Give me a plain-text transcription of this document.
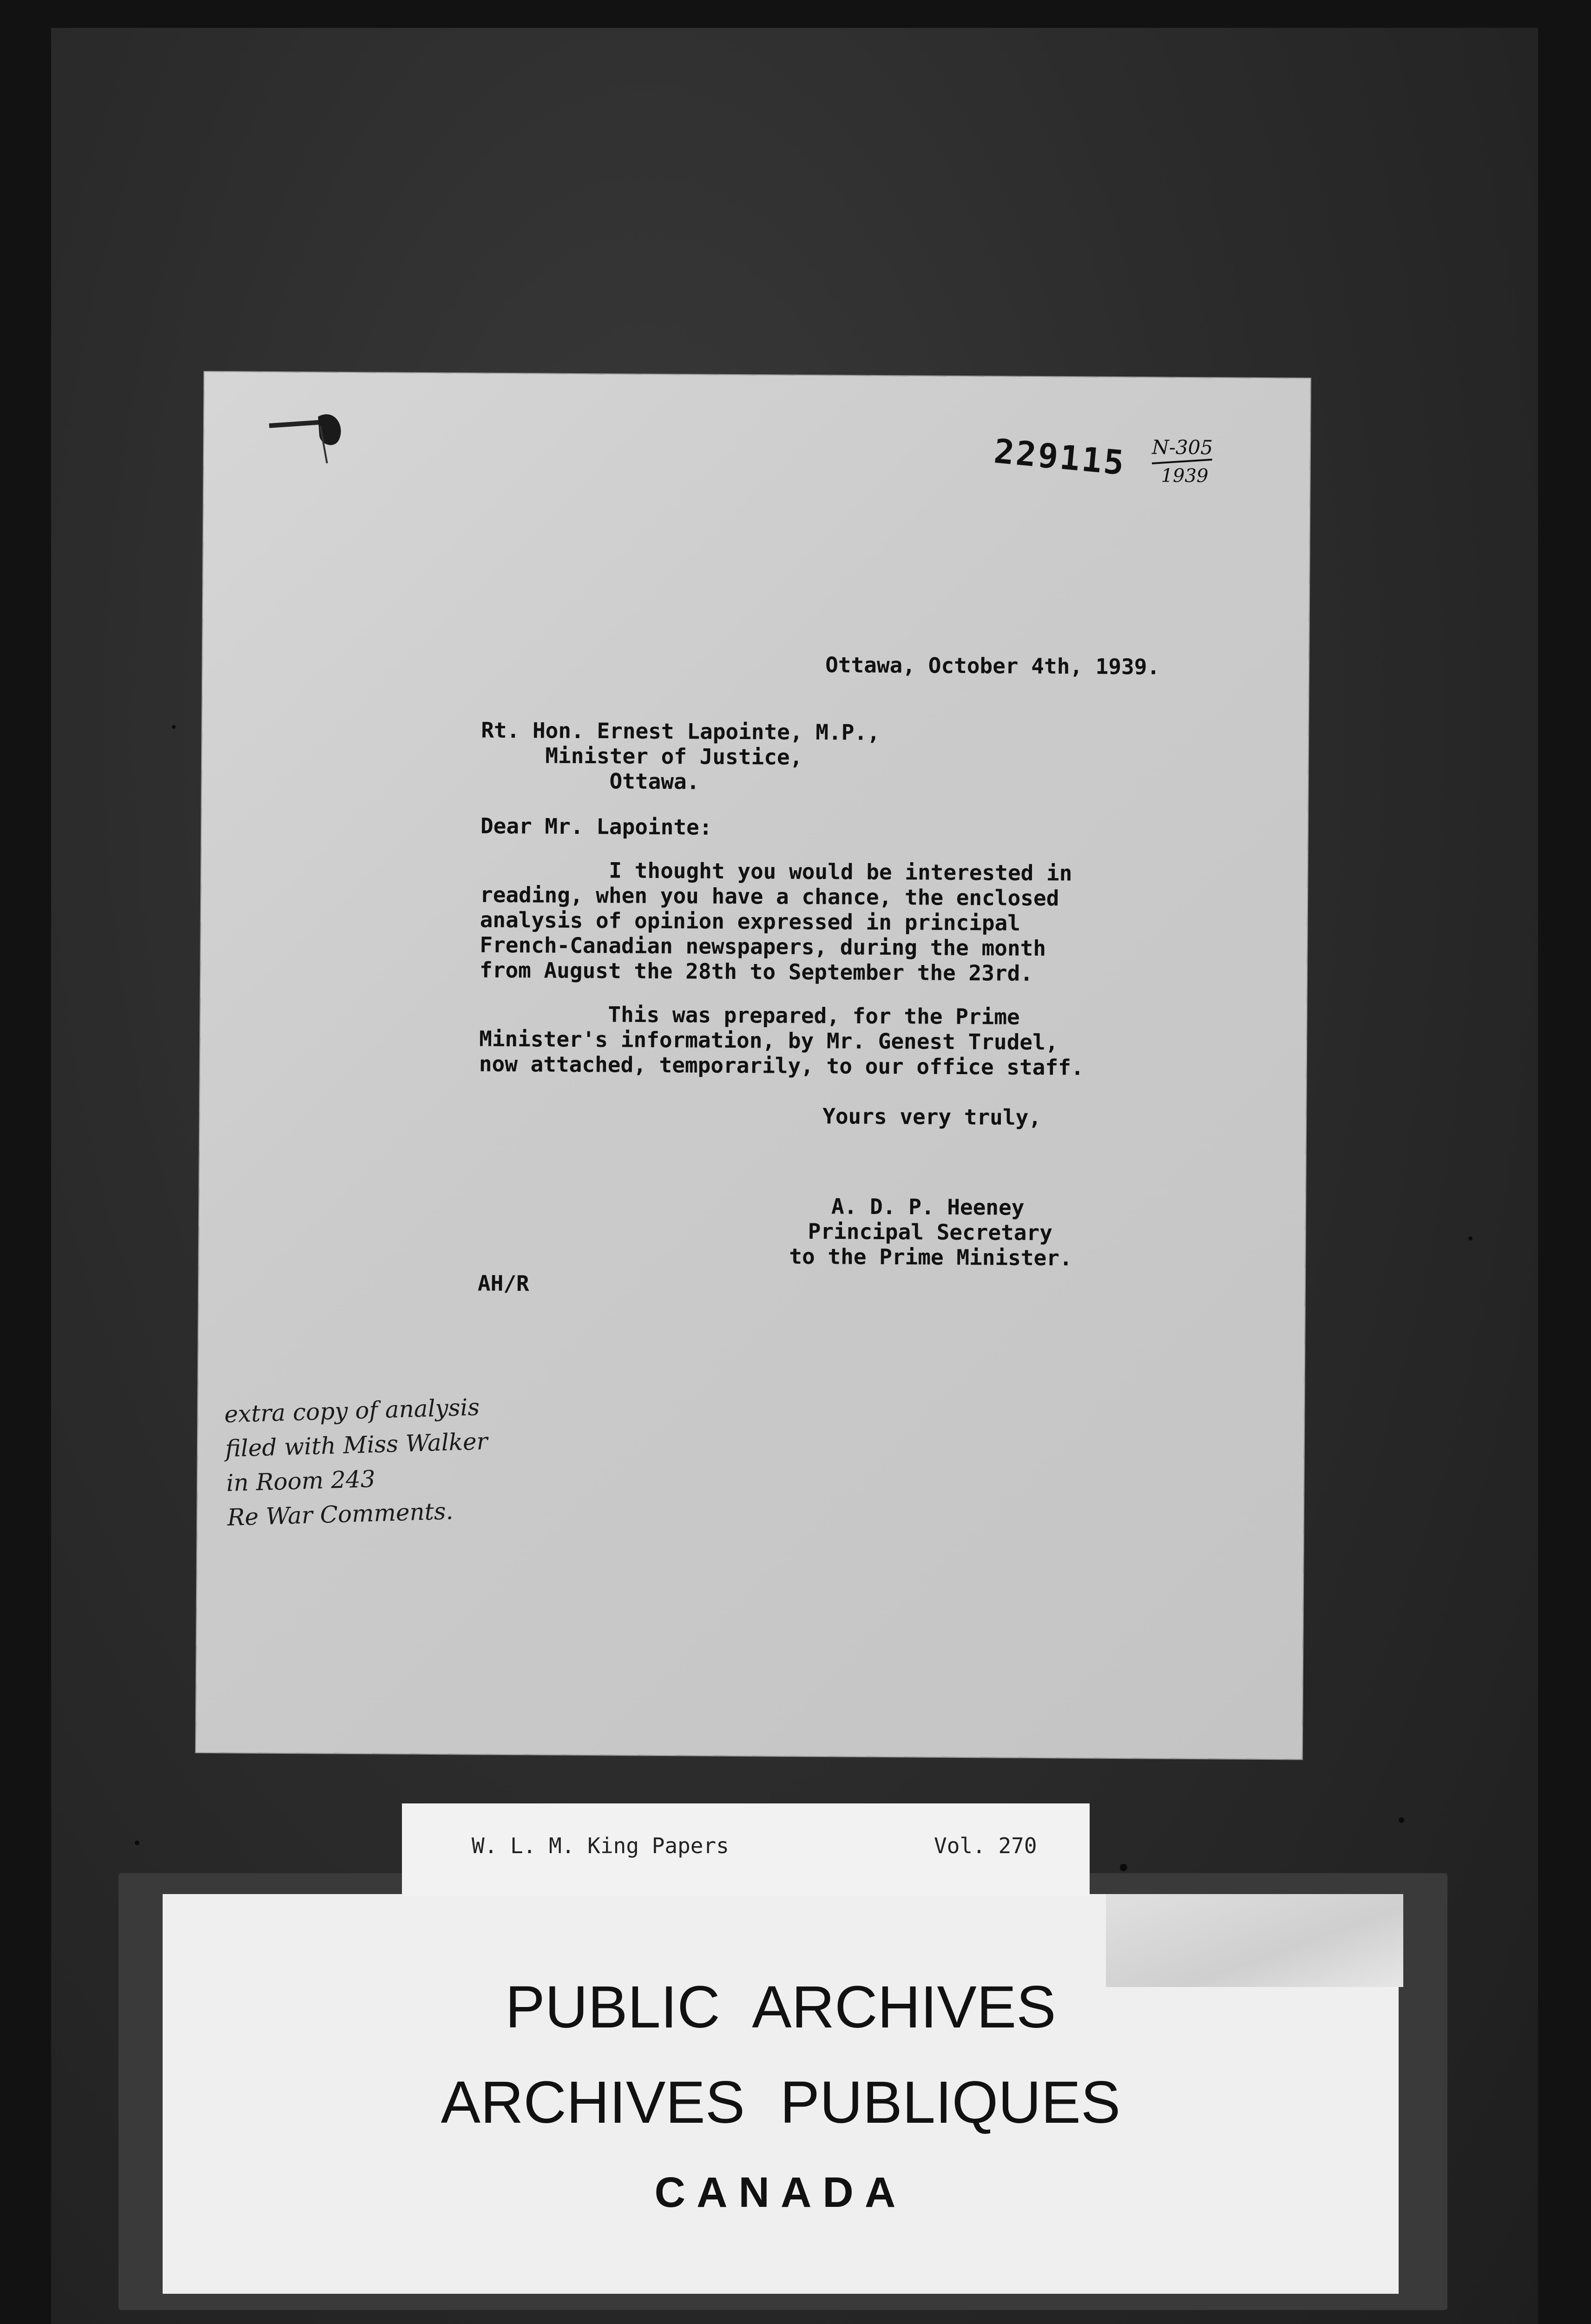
229115 N-305
1939
Ottawa, October 4th, 1939.
Rt. Hon. Ernest Lapointe, M.P.,
Minister of Justice,
Ottawa.
Dear Mr. Lapointe:
I thought you would be interested in
reading, when you have a chance, the enclosed
analysis of opinion expressed in principal
French-Canadian newspapers, during the month
from August the 28th to September the 23rd.
This was prepared, for the Prime
Minister's information, by Mr. Genest Trudel,
now attached, temporarily, to our office staff.
Yours very truly,
A. D. P. Heeney
Principal Secretary
to the Prime Minister.
AH/R
extra copy of analysis
filed with Miss Walker
in Room 243
Re War Comments.
PUBLIC ARCHIVES
ARCHIVES PUBLIQUES
CANADA
W. L. M. King Papers	Vol. 270
